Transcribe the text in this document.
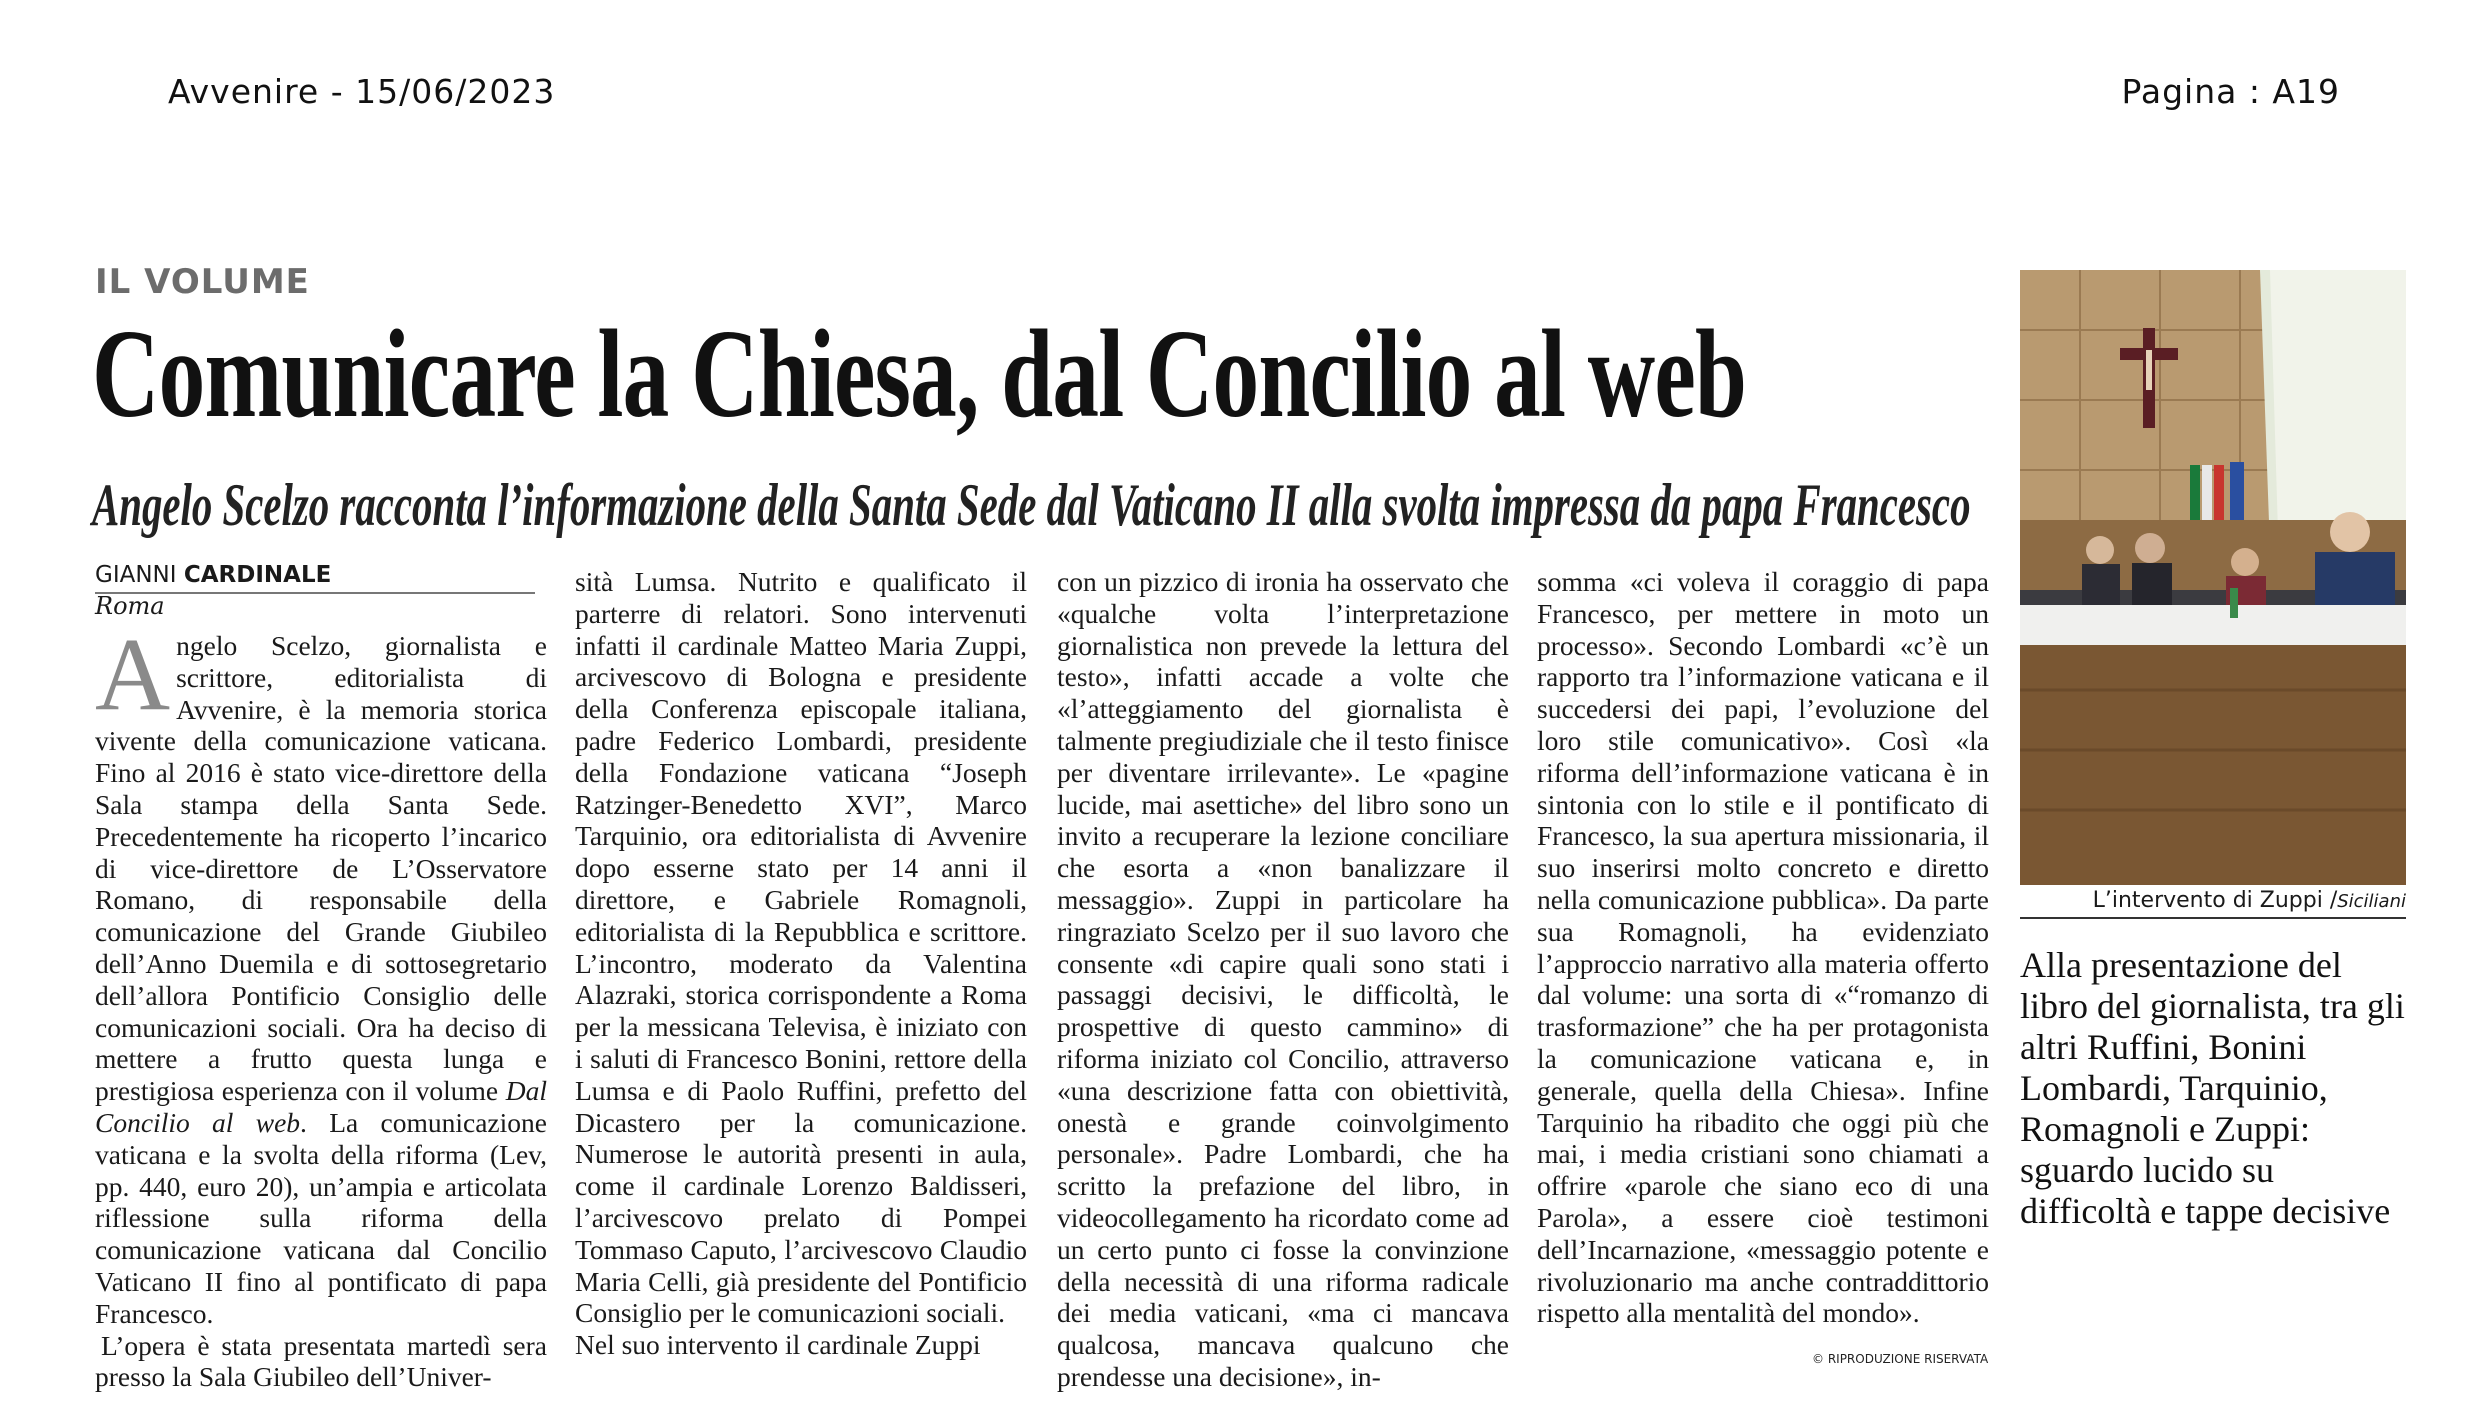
Avvenire - 15/06/2023	Pagina : A19
IL VOLUME
Comunicare la Chiesa, dal Concilio al web
Angelo Scelzo racconta l’informazione della Santa Sede dal Vaticano II alla svolta impressa da papa Francesco
GIANNI CARDINALE
Roma

Angelo Scelzo, giornalista e scrittore, editorialista di Avvenire, è la memoria storica vivente della comunicazione vaticana. Fino al 2016 è stato vice-direttore della Sala stampa della Santa Sede. Precedentemente ha ricoperto l’incarico di vice-direttore de L’Osservatore Romano, di responsabile della comunicazione del Grande Giubileo dell’Anno Duemila e di sottosegretario dell’allora Pontificio Consiglio delle comunicazioni sociali. Ora ha deciso di mettere a frutto questa lunga e prestigiosa esperienza con il volume Dal Concilio al web. La comunicazione vaticana e la svolta della riforma (Lev, pp. 440, euro 20), un’ampia e articolata riflessione sulla riforma della comunicazione vaticana dal Concilio Vaticano II fino al pontificato di papa Francesco.

L’opera è stata presentata martedì sera presso la Sala Giubileo dell’Univer-

sità Lumsa. Nutrito e qualificato il parterre di relatori. Sono intervenuti infatti il cardinale Matteo Maria Zuppi, arcivescovo di Bologna e presidente della Conferenza episcopale italiana, padre Federico Lombardi, presidente della Fondazione vaticana “Joseph Ratzinger-Benedetto XVI”, Marco Tarquinio, ora editorialista di Avvenire dopo esserne stato per 14 anni il direttore, e Gabriele Romagnoli, editorialista di la Repubblica e scrittore. L’incontro, moderato da Valentina Alazraki, storica corrispondente a Roma per la messicana Televisa, è iniziato con i saluti di Francesco Bonini, rettore della Lumsa e di Paolo Ruffini, prefetto del Dicastero per la comunicazione. Numerose le autorità presenti in aula, come il cardinale Lorenzo Baldisseri, l’arcivescovo prelato di Pompei Tommaso Caputo, l’arcivescovo Claudio Maria Celli, già presidente del Pontificio Consiglio per le comunicazioni sociali.

Nel suo intervento il cardinale Zuppi

con un pizzico di ironia ha osservato che «qualche volta l’interpretazione giornalistica non prevede la lettura del testo», infatti accade a volte che «l’atteggiamento del giornalista è talmente pregiudiziale che il testo finisce per diventare irrilevante». Le «pagine lucide, mai asettiche» del libro sono un invito a recuperare la lezione conciliare che esorta a «non banalizzare il messaggio». Zuppi in particolare ha ringraziato Scelzo per il suo lavoro che consente «di capire quali sono stati i passaggi decisivi, le difficoltà, le prospettive di questo cammino» di riforma iniziato col Concilio, attraverso «una descrizione fatta con obiettività, onestà e grande coinvolgimento personale». Padre Lombardi, che ha scritto la prefazione del libro, in videocollegamento ha ricordato come ad un certo punto ci fosse la convinzione della necessità di una riforma radicale dei media vaticani, «ma ci mancava qualcosa, mancava qualcuno che prendesse una decisione», in-

somma «ci voleva il coraggio di papa Francesco, per mettere in moto un processo». Secondo Lombardi «c’è un rapporto tra l’informazione vaticana e il succedersi dei papi, l’evoluzione del loro stile comunicativo». Così «la riforma dell’informazione vaticana è in sintonia con lo stile e il pontificato di Francesco, la sua apertura missionaria, il suo inserirsi molto concreto e diretto nella comunicazione pubblica». Da parte sua Romagnoli, ha evidenziato l’approccio narrativo alla materia offerto dal volume: una sorta di «“romanzo di trasformazione” che ha per protagonista la comunicazione vaticana e, in generale, quella della Chiesa». Infine Tarquinio ha ribadito che oggi più che mai, i media cristiani sono chiamati a offrire «parole che siano eco di una Parola», a essere cioè testimoni dell’Incarnazione, «messaggio potente e rivoluzionario ma anche contraddittorio rispetto alla mentalità del mondo».

© RIPRODUZIONE RISERVATA
L’intervento di Zuppi /Siciliani
Alla presentazione del libro del giornalista, tra gli altri Ruffini, Bonini Lombardi, Tarquinio, Romagnoli e Zuppi: sguardo lucido su difficoltà e tappe decisive
